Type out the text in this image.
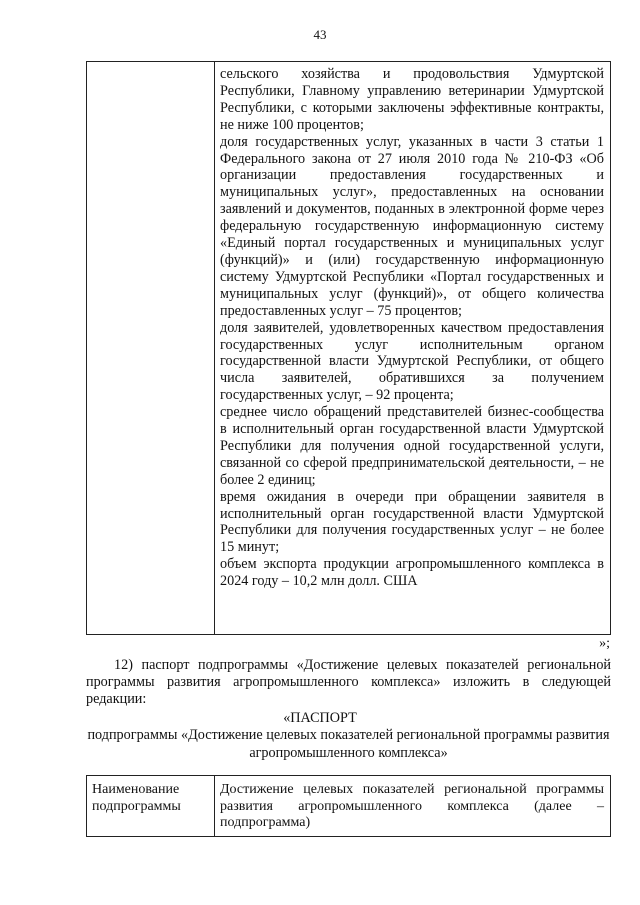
43

сельского хозяйства и продовольствия Удмуртской Республики, Главному управлению ветеринарии Удмуртской Республики, с которыми заключены эффективные контракты, не ниже 100 процентов;

доля государственных услуг, указанных в части 3 статьи 1 Федерального закона от 27 июля 2010 года № 210-ФЗ «Об организации предоставления государственных и муниципальных услуг», предоставленных на основании заявлений и документов, поданных в электронной форме через федеральную государственную информационную систему «Единый портал государственных и муниципальных услуг (функций)» и (или) государственную информационную систему Удмуртской Республики «Портал государственных и муниципальных услуг (функций)», от общего количества предоставленных услуг – 75 процентов;

доля заявителей, удовлетворенных качеством предоставления государственных услуг исполнительным органом государственной власти Удмуртской Республики, от общего числа заявителей, обратившихся за получением государственных услуг, – 92 процента;

среднее число обращений представителей бизнес-сообщества в исполнительный орган государственной власти Удмуртской Республики для получения одной государственной услуги, связанной со сферой предпринимательской деятельности, – не более 2 единиц;

время ожидания в очереди при обращении заявителя в исполнительный орган государственной власти Удмуртской Республики для получения государственных услуг – не более 15 минут;

объем экспорта продукции агропромышленного комплекса в 2024 году – 10,2 млн долл. США

»;

12) паспорт подпрограммы «Достижение целевых показателей региональной программы развития агропромышленного комплекса» изложить в следующей редакции:

«ПАСПОРТ

подпрограммы «Достижение целевых показателей региональной программы развития агропромышленного комплекса»

Наименование подпрограммы	Достижение целевых показателей региональной программы развития агропромышленного комплекса (далее – подпрограмма)
